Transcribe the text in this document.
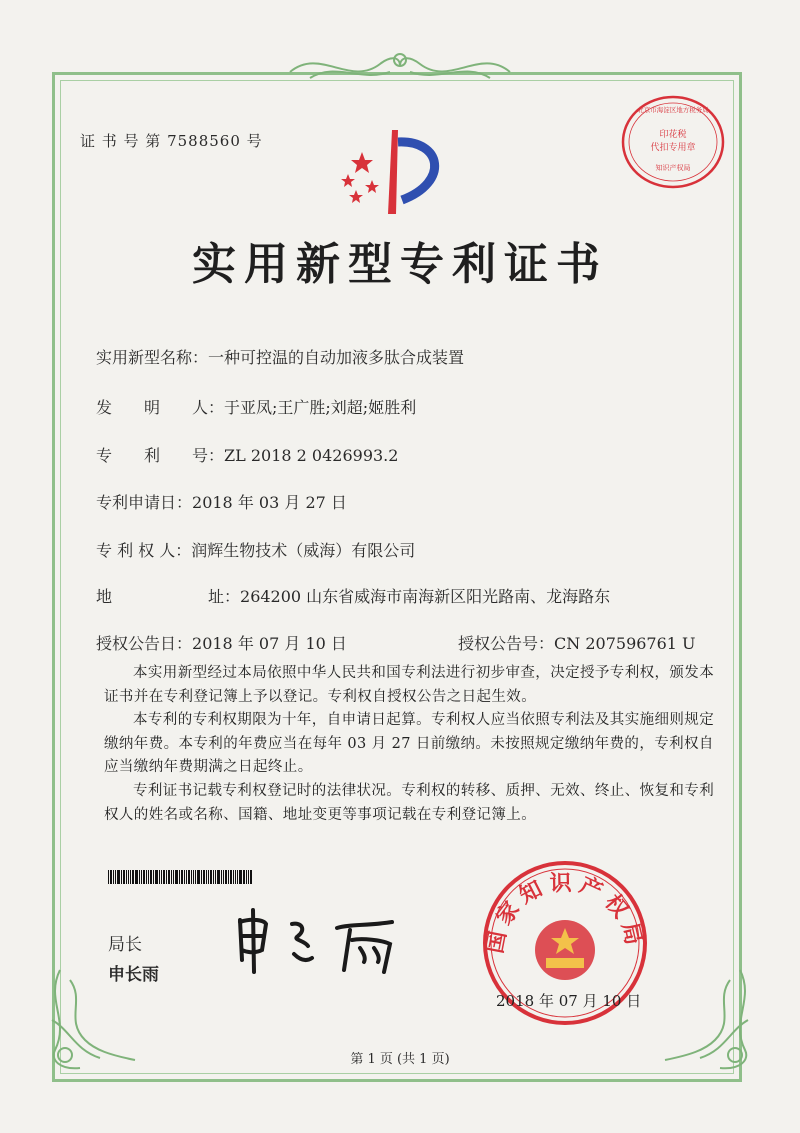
证 书 号 第 7588560 号	印花税
代扣专用章
知识产权局
北京市海淀区地方税务局
实用新型专利证书
实用新型名称：一种可控温的自动加液多肽合成装置
发　　明　　人：于亚凤;王广胜;刘超;姬胜利
专　　利　　号：ZL 2018 2 0426993.2
专利申请日：2018 年 03 月 27 日
专 利 权 人：润辉生物技术（威海）有限公司
地　　　　　　址：264200 山东省威海市南海新区阳光路南、龙海路东
授权公告日：2018 年 07 月 10 日	授权公告号：CN 207596761 U

本实用新型经过本局依照中华人民共和国专利法进行初步审查，决定授予专利权，颁发本证书并在专利登记簿上予以登记。专利权自授权公告之日起生效。

本专利的专利权期限为十年，自申请日起算。专利权人应当依照专利法及其实施细则规定缴纳年费。本专利的年费应当在每年 03 月 27 日前缴纳。未按照规定缴纳年费的，专利权自应当缴纳年费期满之日起终止。

专利证书记载专利权登记时的法律状况。专利权的转移、质押、无效、终止、恢复和专利权人的姓名或名称、国籍、地址变更等事项记载在专利登记簿上。

局长
申长雨
国家知识产权局
2018 年 07 月 10 日
第 1 页 (共 1 页)
